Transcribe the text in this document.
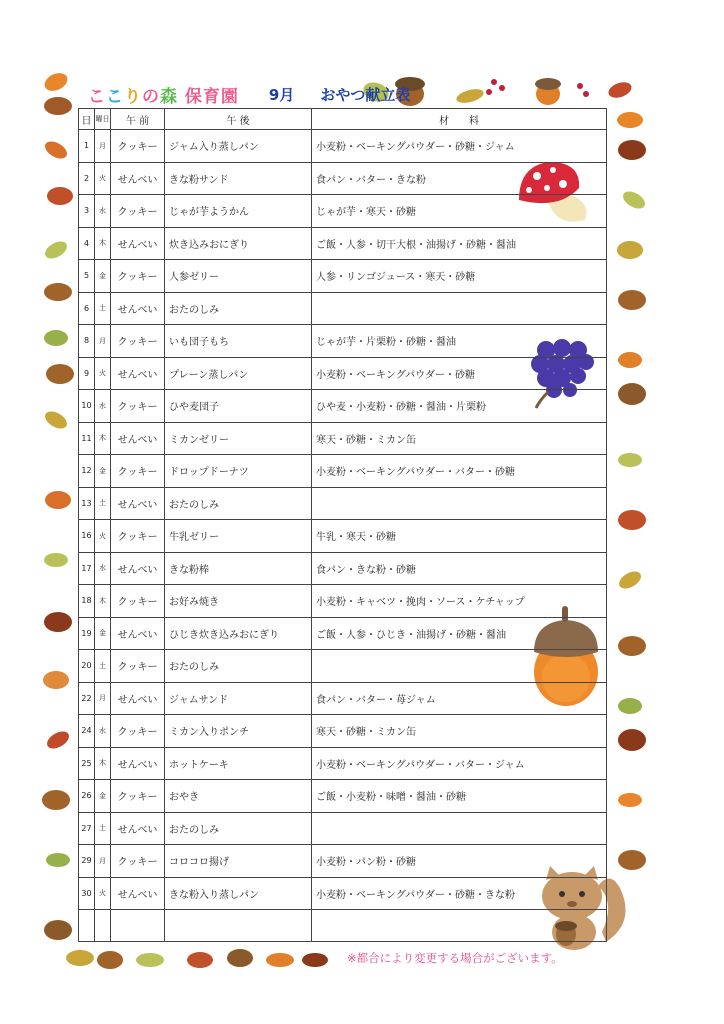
ここりの森 保育園 9月 おやつ献立表
日	曜日	午 前	午 後	材　　料
1	月	クッキー	ジャム入り蒸しパン	小麦粉・ベーキングパウダー・砂糖・ジャム
2	火	せんべい	きな粉サンド	食パン・バター・きな粉
3	水	クッキー	じゃが芋ようかん	じゃが芋・寒天・砂糖
4	木	せんべい	炊き込みおにぎり	ご飯・人参・切干大根・油揚げ・砂糖・醤油
5	金	クッキー	人参ゼリー	人参・リンゴジュース・寒天・砂糖
6	土	せんべい	おたのしみ	
8	月	クッキー	いも団子もち	じゃが芋・片栗粉・砂糖・醤油
9	火	せんべい	プレーン蒸しパン	小麦粉・ベーキングパウダー・砂糖
10	水	クッキー	ひや麦団子	ひや麦・小麦粉・砂糖・醤油・片栗粉
11	木	せんべい	ミカンゼリー	寒天・砂糖・ミカン缶
12	金	クッキー	ドロップドーナツ	小麦粉・ベーキングパウダー・バター・砂糖
13	土	せんべい	おたのしみ	
16	火	クッキー	牛乳ゼリー	牛乳・寒天・砂糖
17	水	せんべい	きな粉棒	食パン・きな粉・砂糖
18	木	クッキー	お好み焼き	小麦粉・キャベツ・挽肉・ソース・ケチャップ
19	金	せんべい	ひじき炊き込みおにぎり	ご飯・人参・ひじき・油揚げ・砂糖・醤油
20	土	クッキー	おたのしみ	
22	月	せんべい	ジャムサンド	食パン・バター・苺ジャム
24	水	クッキー	ミカン入りポンチ	寒天・砂糖・ミカン缶
25	木	せんべい	ホットケーキ	小麦粉・ベーキングパウダー・バター・ジャム
26	金	クッキー	おやき	ご飯・小麦粉・味噌・醤油・砂糖
27	土	せんべい	おたのしみ	
29	月	クッキー	コロコロ揚げ	小麦粉・パン粉・砂糖
30	火	せんべい	きな粉入り蒸しパン	小麦粉・ベーキングパウダー・砂糖・きな粉

※都合により変更する場合がございます。
